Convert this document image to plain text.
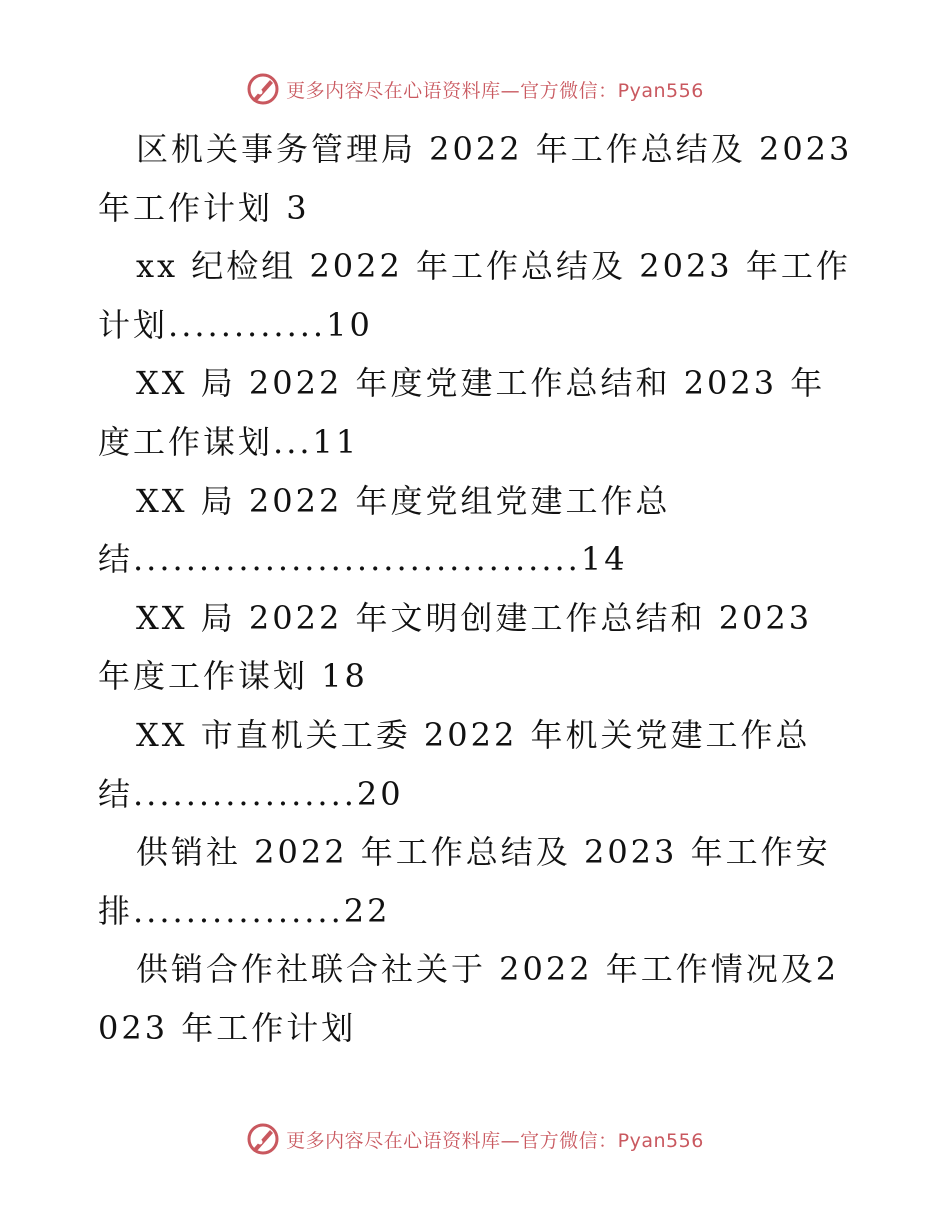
更多内容尽在心语资料库—官方微信：Pyan556

区机关事务管理局 2022 年工作总结及 2023 年工作计划 3

xx 纪检组 2022 年工作总结及 2023 年工作计划............10

XX 局 2022 年度党建工作总结和 2023 年度工作谋划...11

XX 局 2022 年度党组党建工作总结..................................14

XX 局 2022 年文明创建工作总结和 2023 年度工作谋划 18

XX 市直机关工委 2022 年机关党建工作总结.................20

供销社 2022 年工作总结及 2023 年工作安排................22

供销合作社联合社关于 2022 年工作情况及2023 年工作计划

更多内容尽在心语资料库—官方微信：Pyan556
